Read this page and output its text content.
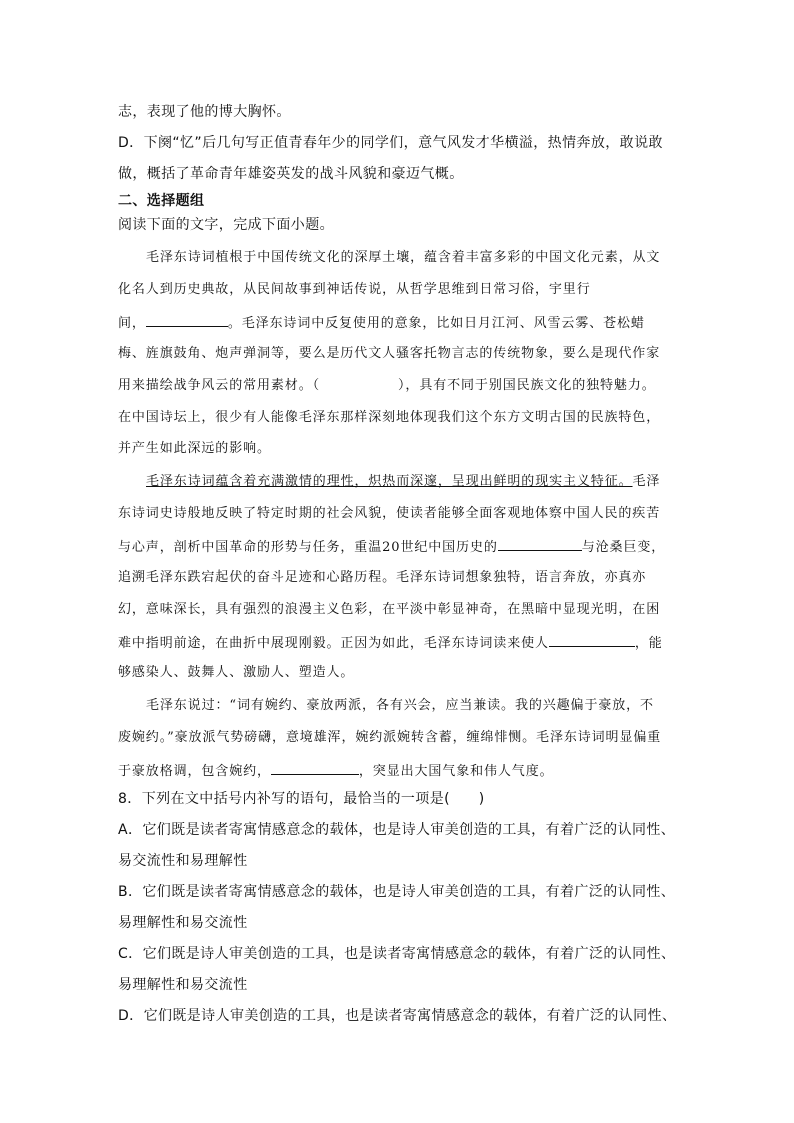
志，表现了他的博大胸怀。
D．下阕“忆”后几句写正值青春年少的同学们，意气风发才华横溢，热情奔放，敢说敢
做，概括了革命青年雄姿英发的战斗风貌和豪迈气概。
二、选择题组
阅读下面的文字，完成下面小题。
毛泽东诗词植根于中国传统文化的深厚土壤，蕴含着丰富多彩的中国文化元素，从文
化名人到历史典故，从民间故事到神话传说，从哲学思维到日常习俗，宇里行
间，	。毛泽东诗词中反复使用的意象，比如日月江河、风雪云雾、苍松蜡
梅、旌旗鼓角、炮声弹洞等，要么是历代文人骚客托物言志的传统物象，要么是现代作家
用来描绘战争风云的常用素材。（	），具有不同于别国民族文化的独特魅力。
在中国诗坛上，很少有人能像毛泽东那样深刻地体现我们这个东方文明古国的民族特色，
并产生如此深远的影响。
毛泽东诗词蕴含着充满激情的理性，炽热而深邃，呈现出鲜明的现实主义特征。毛泽
东诗词史诗般地反映了特定时期的社会风貌，使读者能够全面客观地体察中国人民的疾苦
与心声，剖析中国革命的形势与任务，重温20世纪中国历史的	与沧桑巨变，
追溯毛泽东跌宕起伏的奋斗足迹和心路历程。毛泽东诗词想象独特，语言奔放，亦真亦
幻，意味深长，具有强烈的浪漫主义色彩，在平淡中彰显神奇，在黑暗中显现光明，在困
难中指明前途，在曲折中展现刚毅。正因为如此，毛泽东诗词读来使人	，能
够感染人、鼓舞人、激励人、塑造人。
毛泽东说过：“词有婉约、豪放两派，各有兴会，应当兼读。我的兴趣偏于豪放，不
废婉约。”豪放派气势磅礴，意境雄浑，婉约派婉转含蓄，缠绵悱恻。毛泽东诗词明显偏重
于豪放格调，包含婉约，	，突显出大国气象和伟人气度。
8．下列在文中括号内补写的语句，最恰当的一项是(　　)
A．它们既是读者寄寓情感意念的载体，也是诗人审美创造的工具，有着广泛的认同性、
易交流性和易理解性
B．它们既是读者寄寓情感意念的载体，也是诗人审美创造的工具，有着广泛的认同性、
易理解性和易交流性
C．它们既是诗人审美创造的工具，也是读者寄寓情感意念的载体，有着广泛的认同性、
易理解性和易交流性
D．它们既是诗人审美创造的工具，也是读者寄寓情感意念的载体，有着广泛的认同性、
